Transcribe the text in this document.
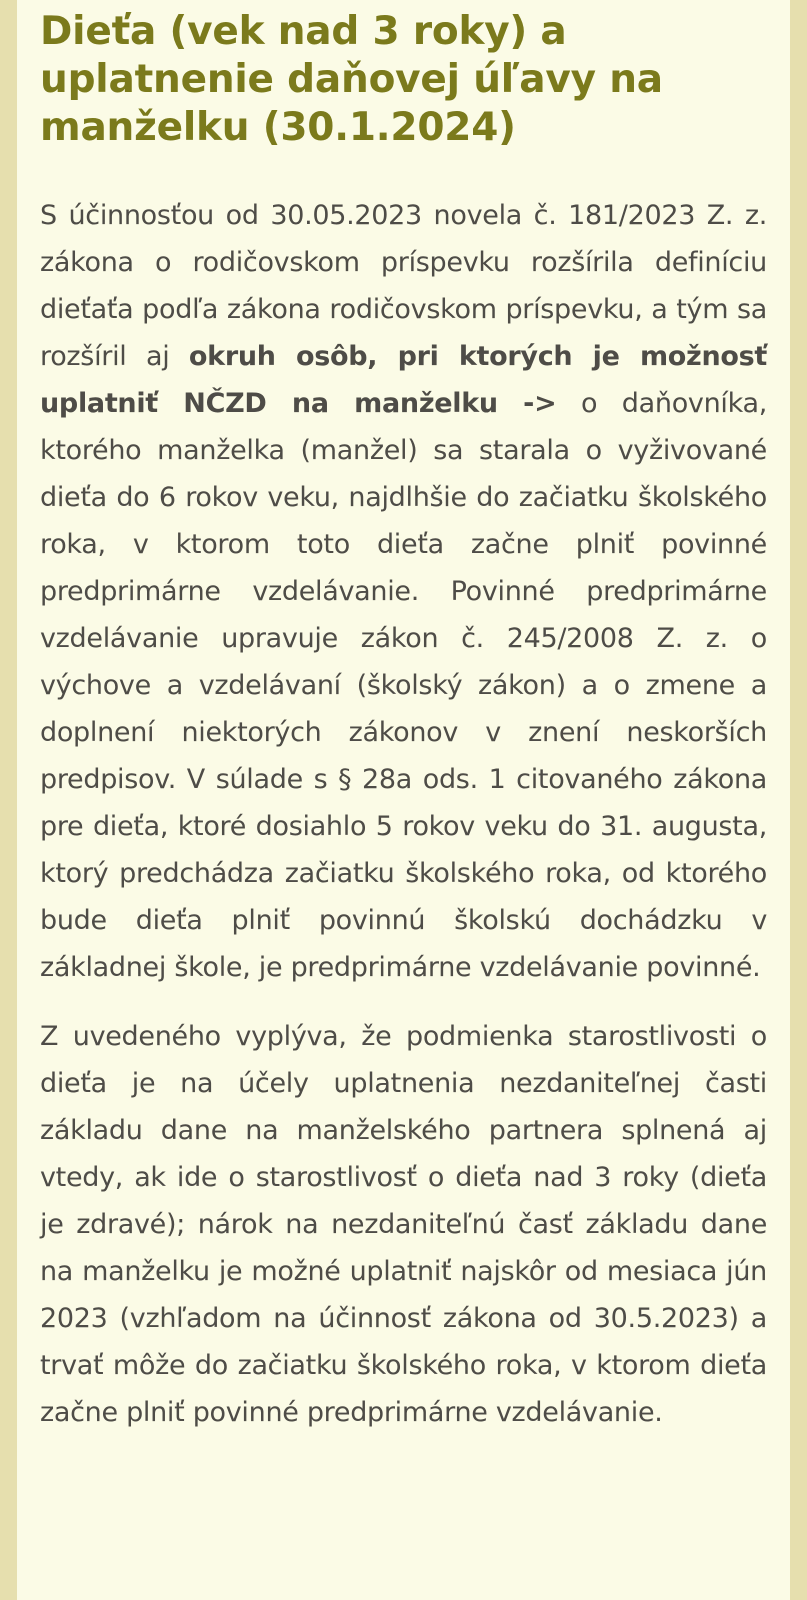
Dieťa (vek nad 3 roky) a uplatnenie daňovej úľavy na manželku (30.1.2024)

S účinnosťou od 30.05.2023 novela č. 181/2023 Z. z. zákona o rodičovskom príspevku rozšírila definíciu dieťaťa podľa zákona rodičovskom príspevku, a tým sa rozšíril aj okruh osôb, pri ktorých je možnosť uplatniť NČZD na manželku -> o daňovníka, ktorého manželka (manžel) sa starala o vyživované dieťa do 6 rokov veku, najdlhšie do začiatku školského roka, v ktorom toto dieťa začne plniť povinné predprimárne vzdelávanie. Povinné predprimárne vzdelávanie upravuje zákon č. 245/2008 Z. z. o výchove a vzdelávaní (školský zákon) a o zmene a doplnení niektorých zákonov v znení neskorších predpisov. V súlade s § 28a ods. 1 citovaného zákona pre dieťa, ktoré dosiahlo 5 rokov veku do 31. augusta, ktorý predchádza začiatku školského roka, od ktorého bude dieťa plniť povinnú školskú dochádzku v základnej škole, je predprimárne vzdelávanie povinné.

Z uvedeného vyplýva, že podmienka starostlivosti o dieťa je na účely uplatnenia nezdaniteľnej časti základu dane na manželského partnera splnená aj vtedy, ak ide o starostlivosť o dieťa nad 3 roky (dieťa je zdravé); nárok na nezdaniteľnú časť základu dane na manželku je možné uplatniť najskôr od mesiaca jún 2023 (vzhľadom na účinnosť zákona od 30.5.2023) a trvať môže do začiatku školského roka, v ktorom dieťa začne plniť povinné predprimárne vzdelávanie.
